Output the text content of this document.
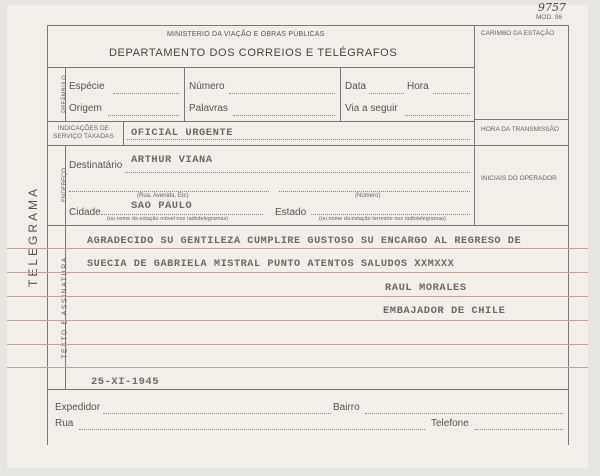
9757
MOD. 96
MINISTERIO DA VIAÇÃO E OBRAS PÚBLICAS
DEPARTAMENTO DOS CORREIOS E TELÉGRAFOS
CARIMBO DA ESTAÇÃO
TELEGRAMA
PREÂMBULO Espécie	Número	Data	Hora
Origem	Palavras	Via a seguir
INDICAÇÕES DE
SERVIÇO TAXADAS OFICIAL URGENTE	HORA DA TRANSMISSÃO
INICIAIS DO OPERADOR
ENDEREÇO
Destinatário ARTHUR VIANA
(Rua, Avenida, Etc)	(Número)
Cidade
SAO PAULO
Estado
(ou nome da estação móvel nos radiotelegramas)	(ou nome da estação terrestre nos radiotelegramas)
TEXTO E ASSINATURA
AGRADECIDO SU GENTILEZA CUMPLIRE GUSTOSO SU ENCARGO AL REGRESO DE
SUECIA DE GABRIELA MISTRAL PUNTO ATENTOS SALUDOS XXMXXX
RAUL MORALES
EMBAJADOR DE CHILE
25-XI-1945
Expedidor	Bairro
Rua	Telefone
